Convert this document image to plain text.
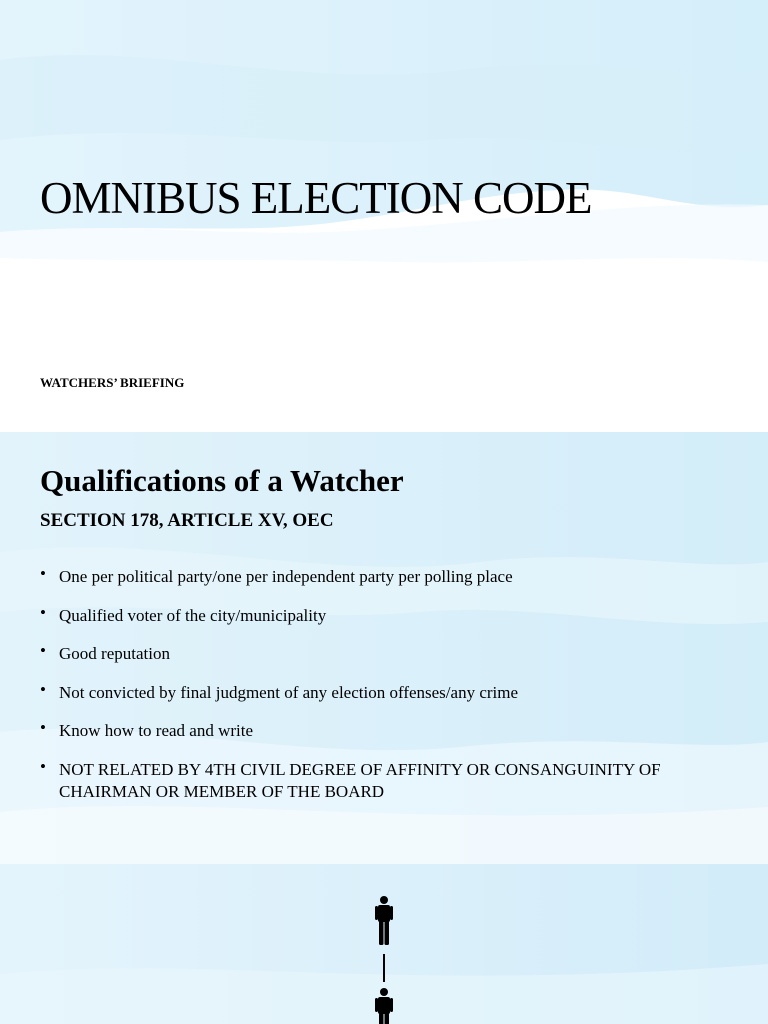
OMNIBUS ELECTION CODE

WATCHERS’ BRIEFING

Qualifications of a Watcher

SECTION 178, ARTICLE XV, OEC

• One per political party/one per independent party per polling place
• Qualified voter of the city/municipality
• Good reputation
• Not convicted by final judgment of any election offenses/any crime
• Know how to read and write
• NOT RELATED BY 4TH CIVIL DEGREE OF AFFINITY OR CONSANGUINITY OF CHAIRMAN OR MEMBER OF THE BOARD
